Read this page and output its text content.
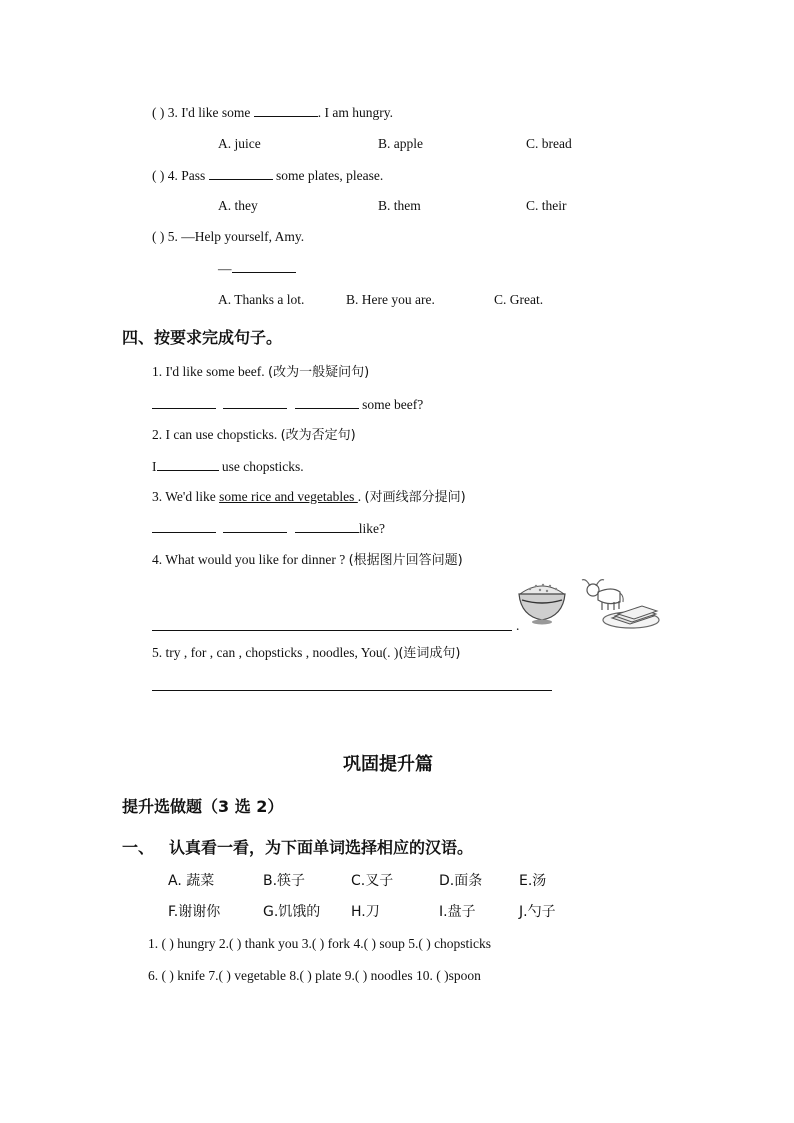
( ) 3. I'd like some	. I am hungry.
A. juice	B. apple	C. bread
( ) 4. Pass	some plates, please.
A. they	B. them	C. their
( ) 5. —Help yourself, Amy.
—
A. Thanks a lot.	B. Here you are.	C. Great.
四、按要求完成句子。
1. I'd like some beef. (改为一般疑问句)
some beef?
2. I can use chopsticks. (改为否定句)
I	use chopsticks.
3. We'd like some rice and vegetables . (对画线部分提问)
like?
4. What would you like for dinner ? (根据图片回答问题)
.
5. try , for , can , chopsticks , noodles, You(. )(连词成句)
巩固提升篇
提升选做题（3 选 2）
一、 认真看一看，为下面单词选择相应的汉语。
A. 蔬菜	B.筷子	C.叉子	D.面条	E.汤
F.谢谢你	G.饥饿的 H.刀	I.盘子	J.勺子
1. ( ) hungry 2.( ) thank you 3.( ) fork 4.( ) soup 5.( ) chopsticks
6. ( ) knife 7.( ) vegetable 8.( ) plate 9.( ) noodles 10. ( )spoon
